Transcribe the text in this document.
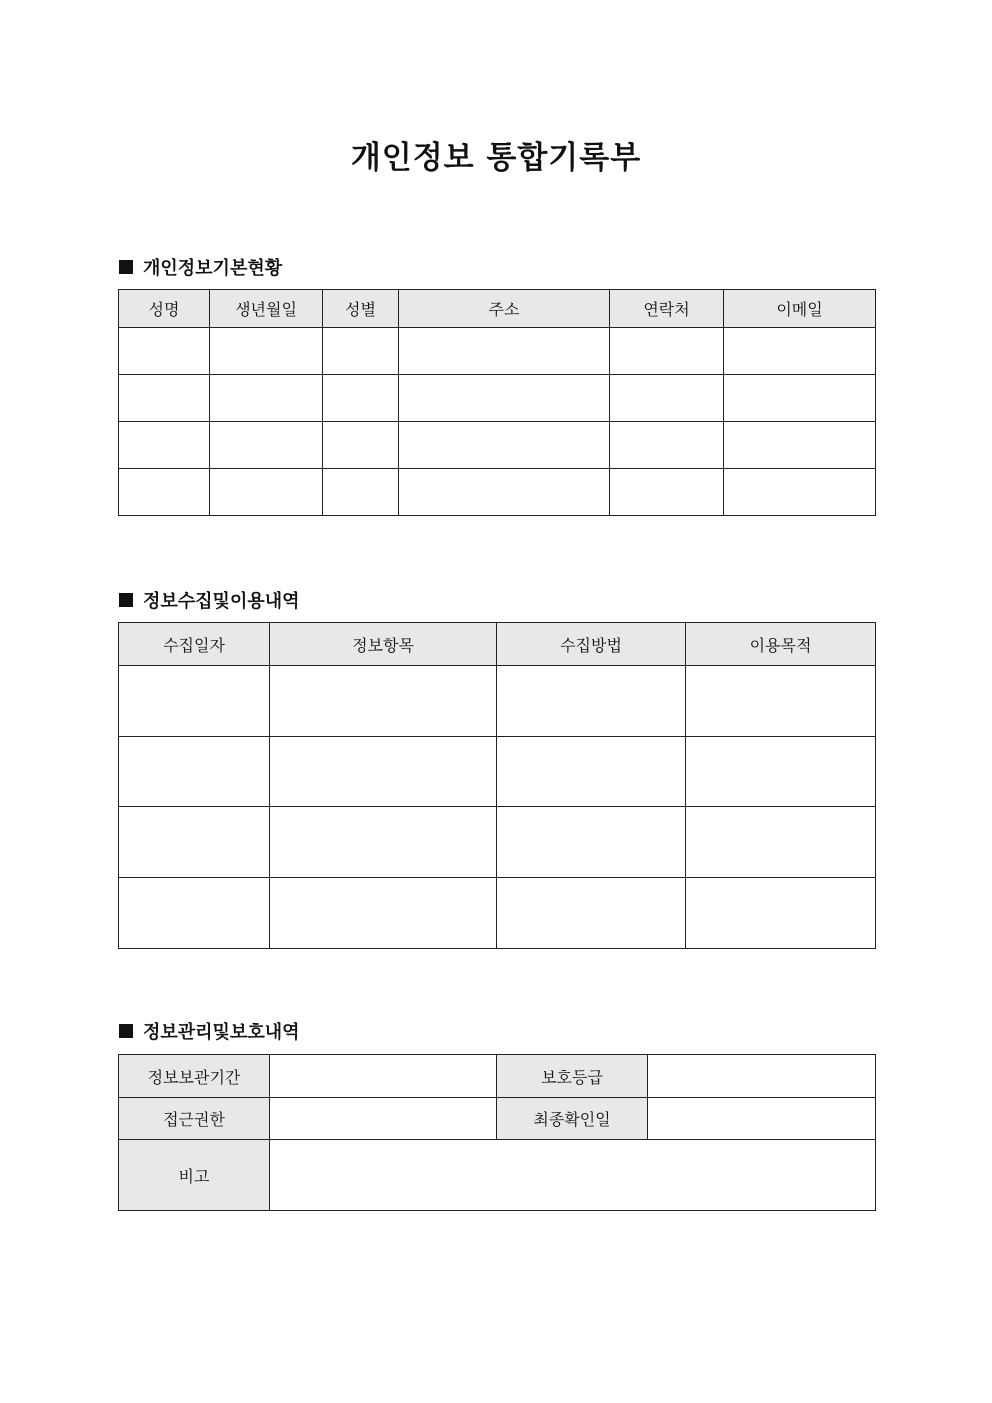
개인정보 통합기록부
개인정보기본현황
성명	생년월일	성별	주소	연락처	이메일

정보수집및이용내역
수집일자	정보항목	수집방법	이용목적

정보관리및보호내역
정보보관기간		보호등급	
접근권한		최종확인일	
비고			
